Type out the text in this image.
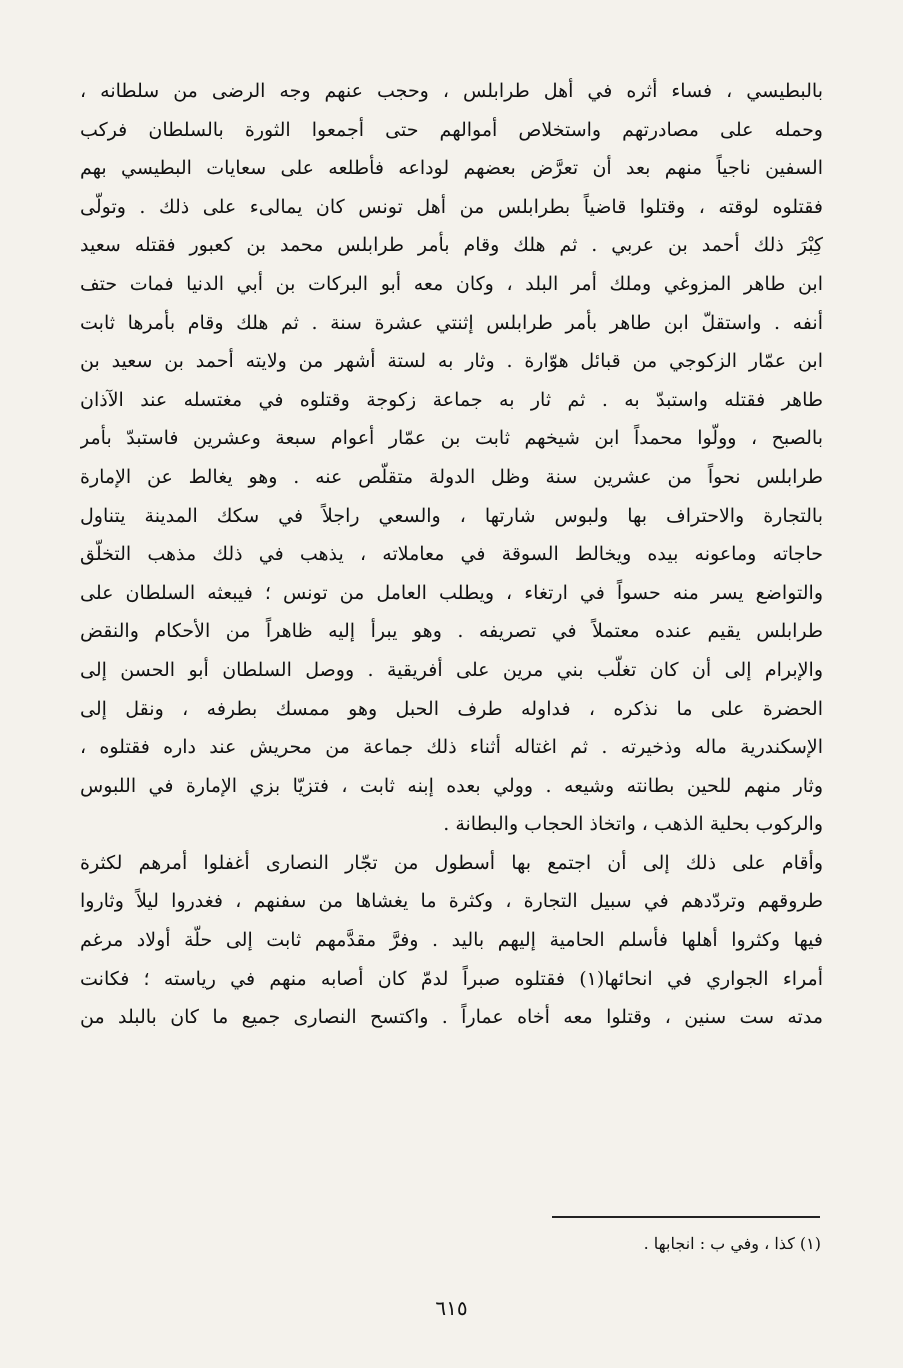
بالبطيسي ، فساء أثره في أهل طرابلس ، وحجب عنهم وجه الرضى من سلطانه ،
وحمله على مصادرتهم واستخلاص أموالهم حتى أجمعوا الثورة بالسلطان فركب
السفين ناجياً منهم بعد أن تعرَّض بعضهم لوداعه فأطلعه على سعايات البطيسي بهم
فقتلوه لوقته ، وقتلوا قاضياً بطرابلس من أهل تونس كان يمالىء على ذلك . وتولّى
كِبْرَ ذلك أحمد بن عربي . ثم هلك وقام بأمر طرابلس محمد بن كعبور فقتله سعيد
ابن طاهر المزوغي وملك أمر البلد ، وكان معه أبو البركات بن أبي الدنيا فمات حتف
أنفه . واستقلّ ابن طاهر بأمر طرابلس إثنتي عشرة سنة . ثم هلك وقام بأمرها ثابت
ابن عمّار الزكوجي من قبائل هوّارة . وثار به لستة أشهر من ولايته أحمد بن سعيد بن
طاهر فقتله واستبدّ به . ثم ثار به جماعة زكوجة وقتلوه في مغتسله عند الآذان
بالصبح ، وولّوا محمداً ابن شيخهم ثابت بن عمّار أعوام سبعة وعشرين فاستبدّ بأمر
طرابلس نحواً من عشرين سنة وظل الدولة متقلّص عنه . وهو يغالط عن الإمارة
بالتجارة والاحتراف بها ولبوس شارتها ، والسعي راجلاً في سكك المدينة يتناول
حاجاته وماعونه بيده ويخالط السوقة في معاملاته ، يذهب في ذلك مذهب التخلّق
والتواضع يسر منه حسواً في ارتغاء ، ويطلب العامل من تونس ؛ فيبعثه السلطان على
طرابلس يقيم عنده معتملاً في تصريفه . وهو يبرأ إليه ظاهراً من الأحكام والنقض
والإبرام إلى أن كان تغلّب بني مرين على أفريقية . ووصل السلطان أبو الحسن إلى
الحضرة على ما نذكره ، فداوله طرف الحبل وهو ممسك بطرفه ، ونقل إلى
الإسكندرية ماله وذخيرته . ثم اغتاله أثناء ذلك جماعة من محريش عند داره فقتلوه ،
وثار منهم للحين بطانته وشيعه . وولي بعده إبنه ثابت ، فتزيّا بزي الإمارة في اللبوس
والركوب بحلية الذهب ، واتخاذ الحجاب والبطانة .
وأقام على ذلك إلى أن اجتمع بها أسطول من تجّار النصارى أغفلوا أمرهم لكثرة
طروقهم وتردّدهم في سبيل التجارة ، وكثرة ما يغشاها من سفنهم ، فغدروا ليلاً وثاروا
فيها وكثروا أهلها فأسلم الحامية إليهم باليد . وفرَّ مقدَّمهم ثابت إلى حلّة أولاد مرغم
أمراء الجواري في انحائها(١) فقتلوه صبراً لدمّ كان أصابه منهم في رياسته ؛ فكانت
مدته ست سنين ، وقتلوا معه أخاه عماراً . واكتسح النصارى جميع ما كان بالبلد من
(١) كذا ، وفي ب : انجابها .
٦١٥
